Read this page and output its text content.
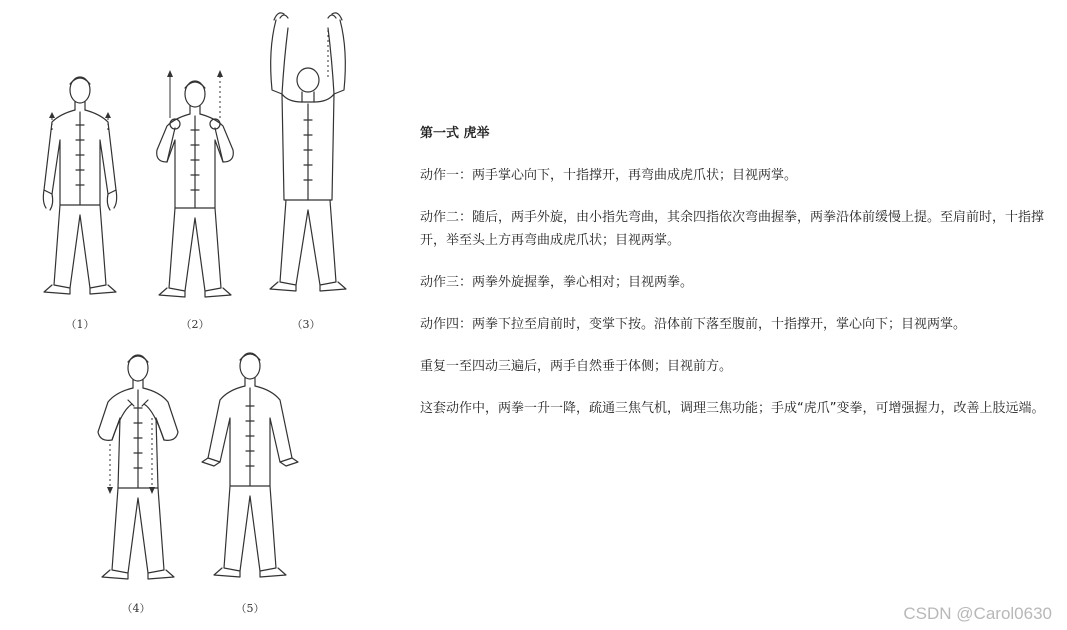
（1）	（2）	（3）
（4）	（5）

第一式 虎举

动作一：两手掌心向下，十指撑开，再弯曲成虎爪状；目视两掌。

动作二：随后，两手外旋，由小指先弯曲，其余四指依次弯曲握拳，两拳沿体前缓慢上提。至肩前时，十指撑开，举至头上方再弯曲成虎爪状；目视两掌。

动作三：两拳外旋握拳，拳心相对；目视两拳。

动作四：两拳下拉至肩前时，变掌下按。沿体前下落至腹前，十指撑开，掌心向下；目视两掌。

重复一至四动三遍后，两手自然垂于体侧；目视前方。

这套动作中，两拳一升一降，疏通三焦气机，调理三焦功能；手成“虎爪”变拳，可增强握力，改善上肢远端。

CSDN @Carol0630
